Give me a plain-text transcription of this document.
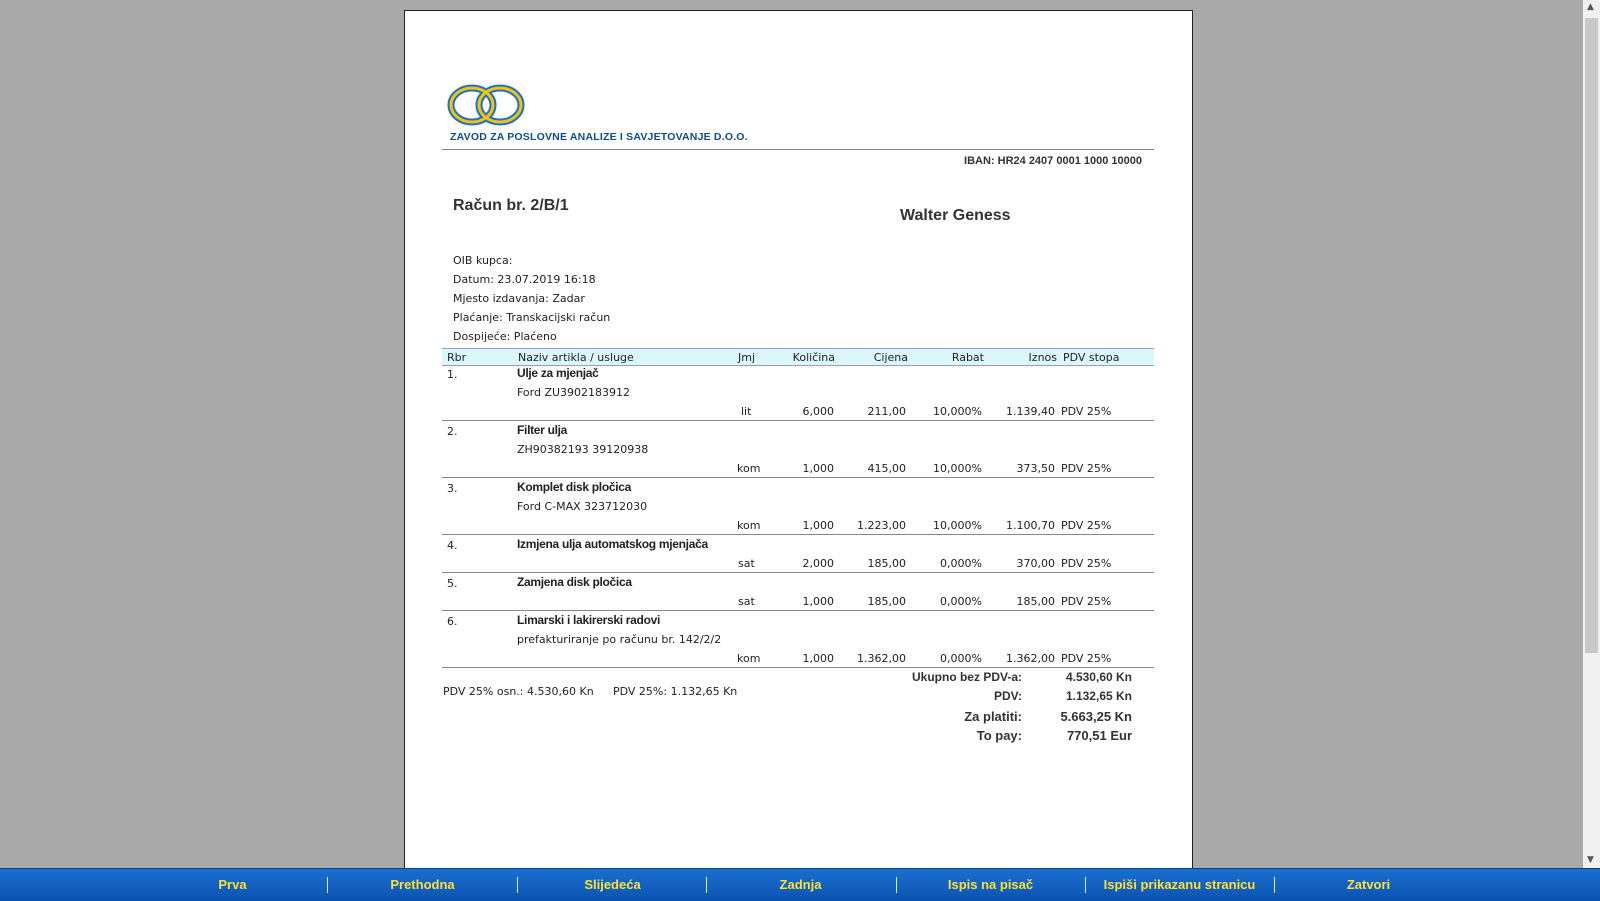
ZAVOD ZA POSLOVNE ANALIZE I SAVJETOVANJE D.O.O.
IBAN: HR24 2407 0001 1000 10000
Račun br. 2/B/1
Walter Geness
OIB kupca:
Datum: 23.07.2019 16:18
Mjesto izdavanja: Zadar
Plaćanje: Transkacijski račun
Dospijeće: Plaćeno
Rbr	Naziv artikla / usluge	Jmj	Količina	Cijena	Rabat	Iznos PDV stopa
1.	Ulje za mjenjač
Ford ZU3902183912
lit	6,000	211,00	10,000%	1.139,40 PDV 25%
2.	Filter ulja
ZH90382193 39120938
kom	1,000	415,00	10,000%	373,50 PDV 25%
3.	Komplet disk pločica
Ford C-MAX 323712030
kom	1,000	1.223,00	10,000%	1.100,70 PDV 25%
4.	Izmjena ulja automatskog mjenjača
sat	2,000	185,00	0,000%	370,00 PDV 25%
5.	Zamjena disk pločica
sat	1,000	185,00	0,000%	185,00 PDV 25%
6.	Limarski i lakirerski radovi
prefakturiranje po računu br. 142/2/2
kom	1,000	1.362,00	0,000%	1.362,00 PDV 25%
PDV 25% osn.: 4.530,60 Kn PDV 25%: 1.132,65 Kn
Ukupno bez PDV-a:	4.530,60 Kn
PDV:	1.132,65 Kn
Za platiti:	5.663,25 Kn
To pay:	770,51 Eur
▲
▼
Prva	Prethodna	Slijedeća	Zadnja	Ispis na pisač	Ispiši prikazanu stranicu	Zatvori
